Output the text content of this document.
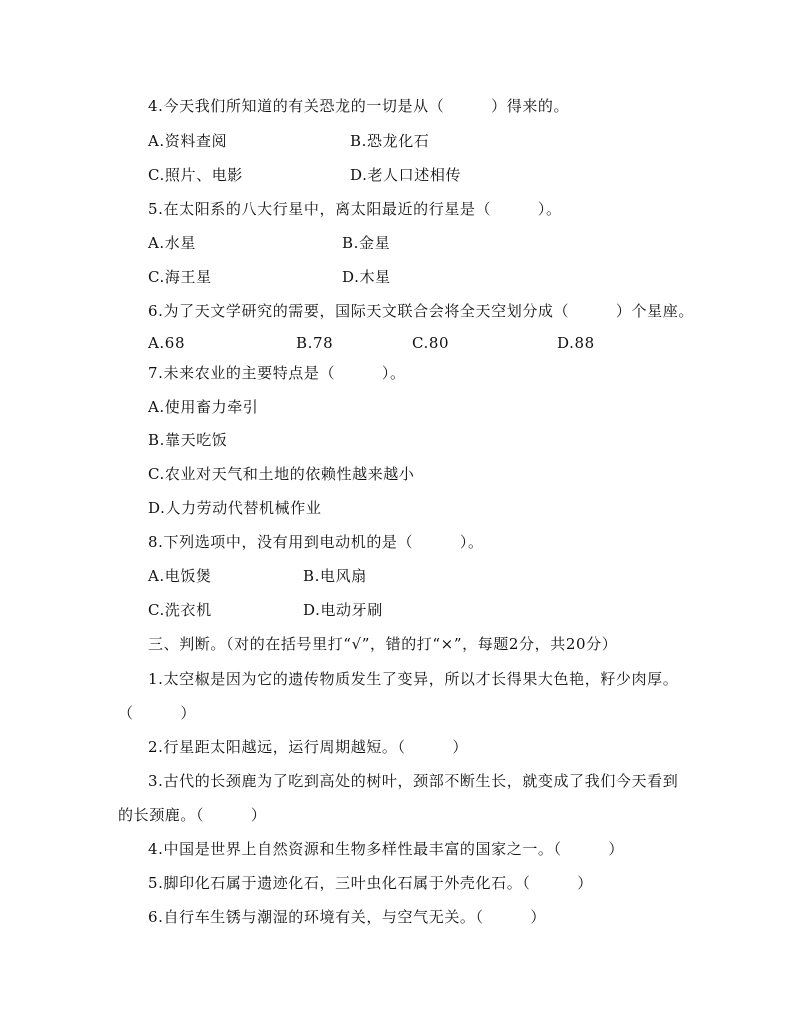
4.今天我们所知道的有关恐龙的一切是从（　　　）得来的。
A.资料查阅	B.恐龙化石
C.照片、电影	D.老人口述相传
5.在太阳系的八大行星中，离太阳最近的行星是（　　　）。
A.水星	B.金星
C.海王星	D.木星
6.为了天文学研究的需要，国际天文联合会将全天空划分成（　　　）个星座。
A.68	B.78	C.80	D.88
7.未来农业的主要特点是（　　　）。
A.使用畜力牵引
B.靠天吃饭
C.农业对天气和土地的依赖性越来越小
D.人力劳动代替机械作业
8.下列选项中，没有用到电动机的是（　　　）。
A.电饭煲	B.电风扇
C.洗衣机	D.电动牙刷
三、判断。（对的在括号里打“√”，错的打“×”，每题2分，共20分）
1.太空椒是因为它的遗传物质发生了变异，所以才长得果大色艳，籽少肉厚。
（　　　）
2.行星距太阳越远，运行周期越短。（　　　）
3.古代的长颈鹿为了吃到高处的树叶，颈部不断生长，就变成了我们今天看到
的长颈鹿。（　　　）
4.中国是世界上自然资源和生物多样性最丰富的国家之一。（　　　）
5.脚印化石属于遗迹化石，三叶虫化石属于外壳化石。（　　　）
6.自行车生锈与潮湿的环境有关，与空气无关。（　　　）
